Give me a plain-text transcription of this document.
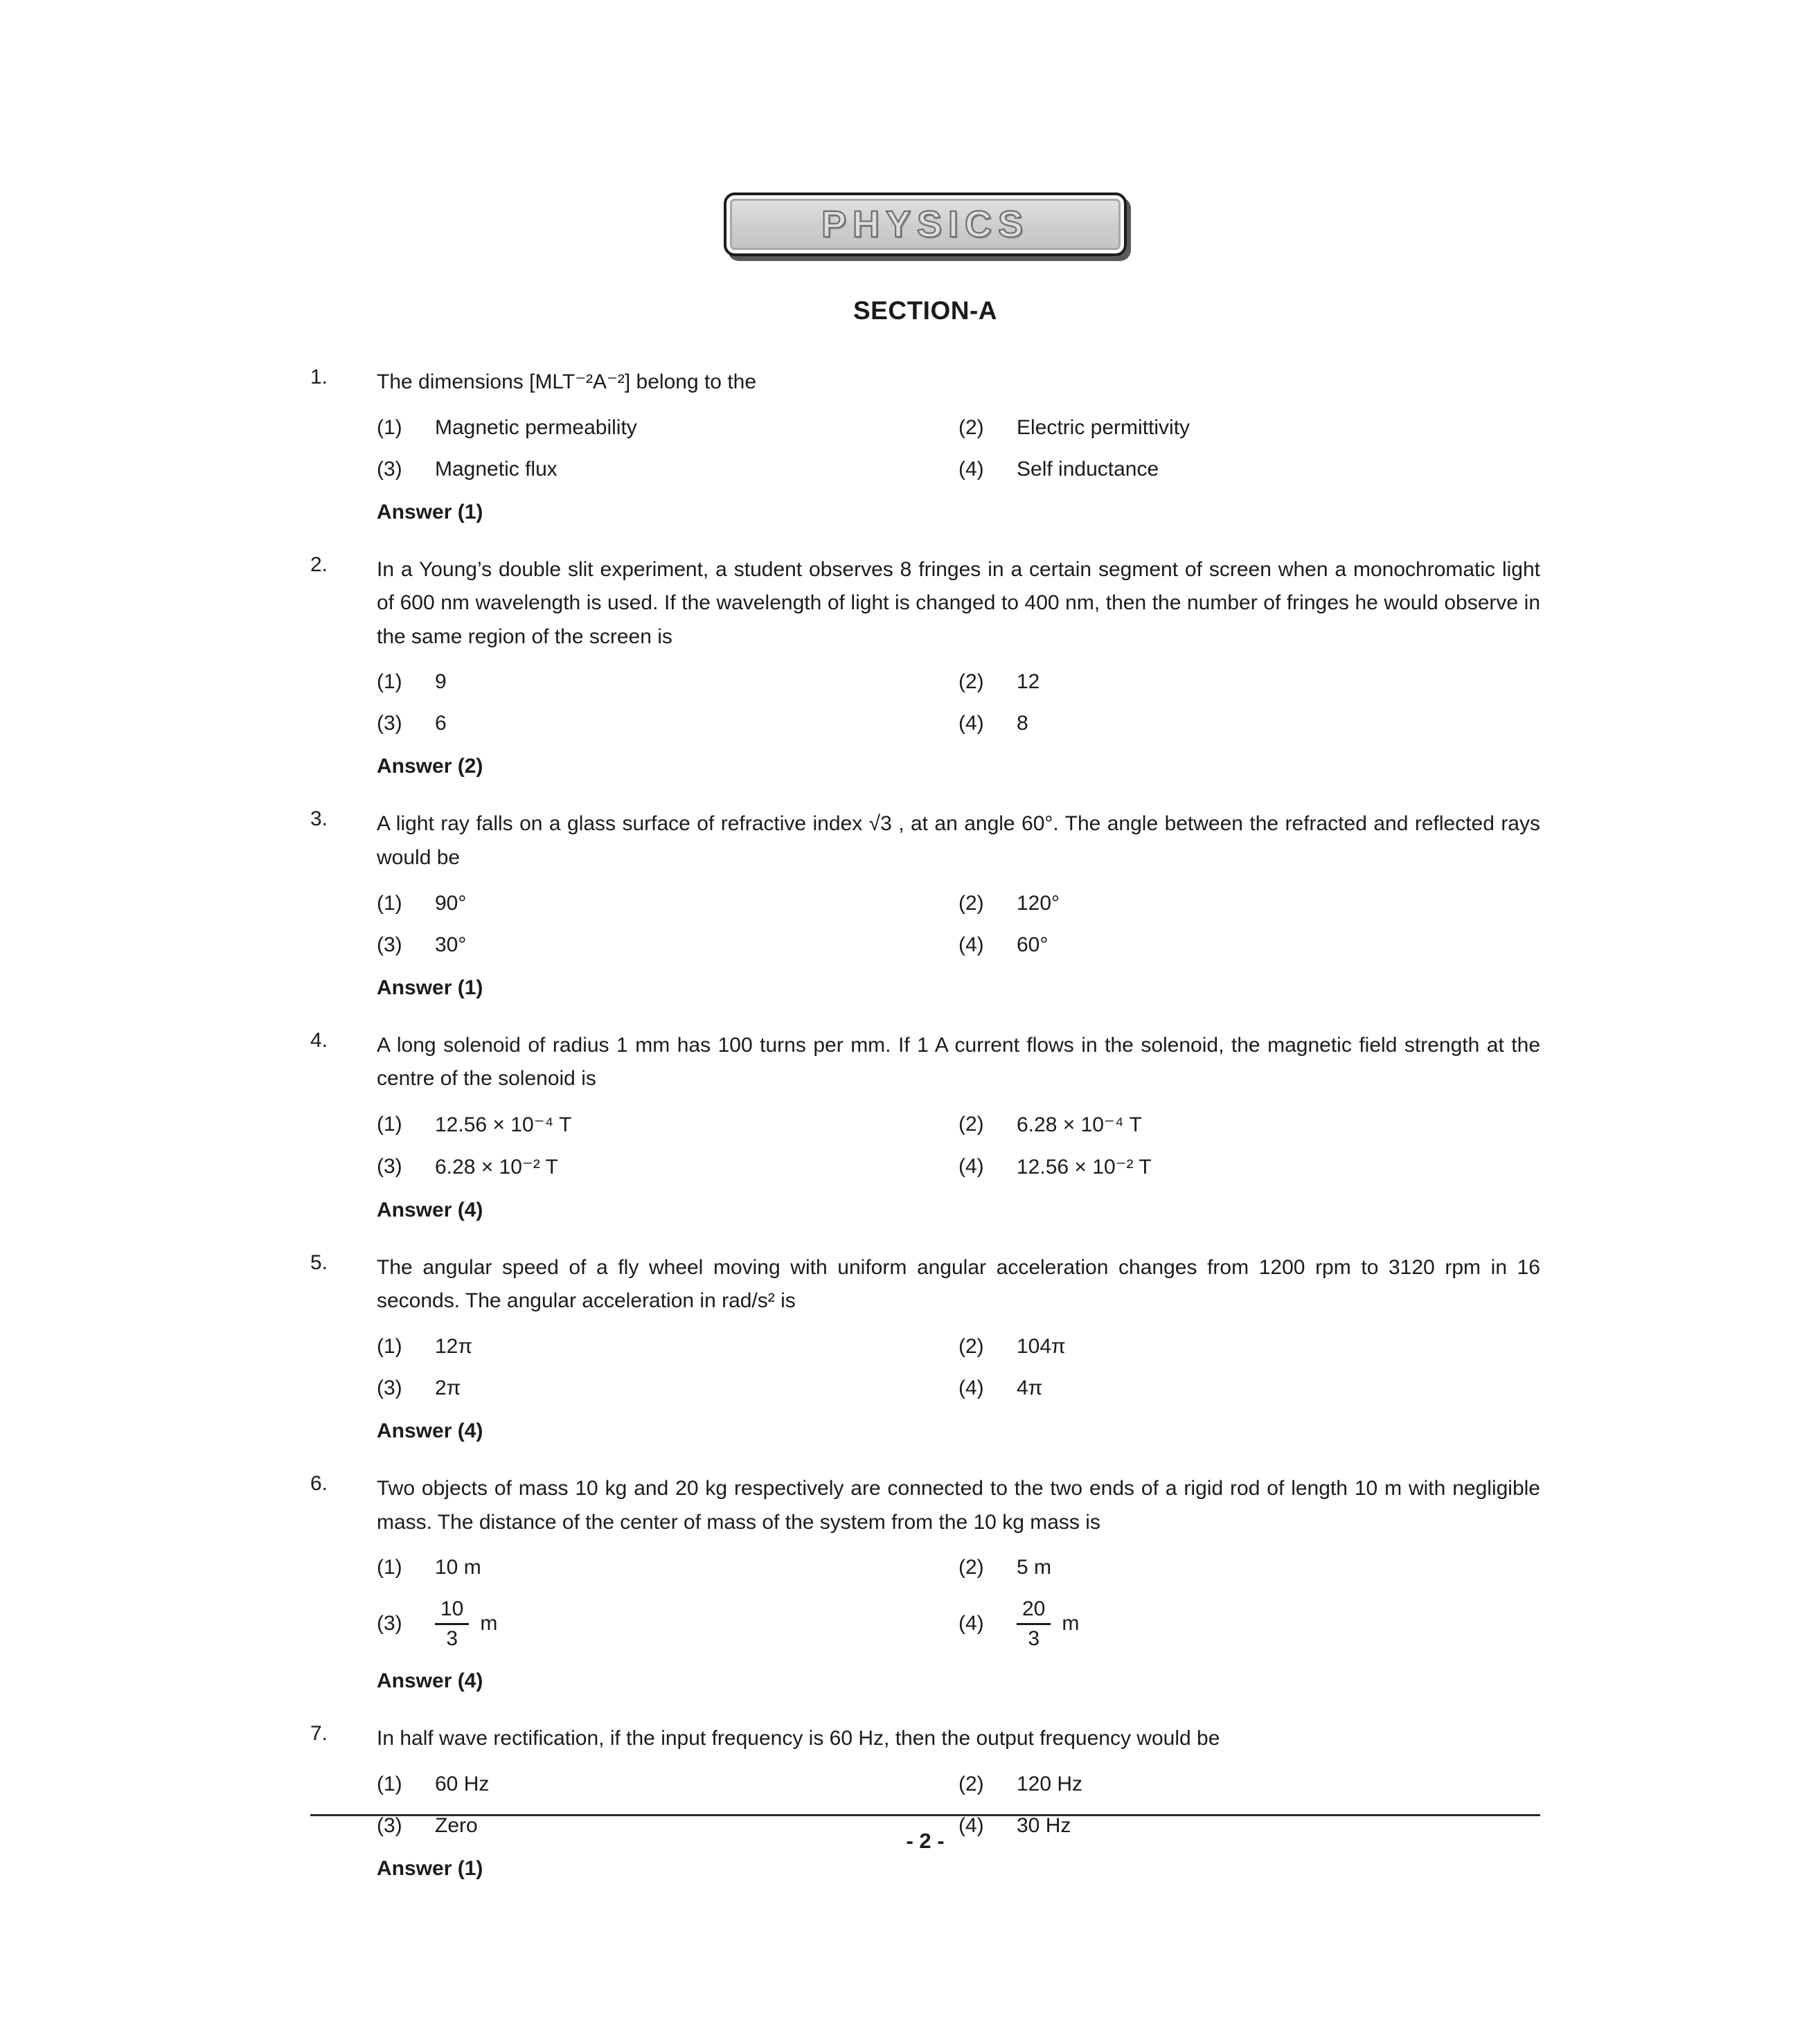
PHYSICS
SECTION-A
1.	The dimensions [MLT⁻²A⁻²] belong to the
(1)	Magnetic permeability	(2)	Electric permittivity
(3)	Magnetic flux	(4)	Self inductance
Answer (1)
2.	In a Young’s double slit experiment, a student observes 8 fringes in a certain segment of screen when a monochromatic light of 600 nm wavelength is used. If the wavelength of light is changed to 400 nm, then the number of fringes he would observe in the same region of the screen is
(1)	9	(2)	12
(3)	6	(4)	8
Answer (2)
3.	A light ray falls on a glass surface of refractive index √3 , at an angle 60°. The angle between the refracted and reflected rays would be
(1)	90°	(2)	120°
(3)	30°	(4)	60°
Answer (1)
4.	A long solenoid of radius 1 mm has 100 turns per mm. If 1 A current flows in the solenoid, the magnetic field strength at the centre of the solenoid is
(1)	12.56 × 10⁻⁴ T	(2)	6.28 × 10⁻⁴ T
(3)	6.28 × 10⁻² T	(4)	12.56 × 10⁻² T
Answer (4)
5.	The angular speed of a fly wheel moving with uniform angular acceleration changes from 1200 rpm to 3120 rpm in 16 seconds. The angular acceleration in rad/s² is
(1)	12π	(2)	104π
(3)	2π	(4)	4π
Answer (4)
6.	Two objects of mass 10 kg and 20 kg respectively are connected to the two ends of a rigid rod of length 10 m with negligible mass. The distance of the center of mass of the system from the 10 kg mass is
(1)	10 m	(2)	5 m
(3)	$\frac{10}{3}$ m	(4)	$\frac{20}{3}$ m
Answer (4)
7.	In half wave rectification, if the input frequency is 60 Hz, then the output frequency would be
(1)	60 Hz	(2)	120 Hz
(3)	Zero	(4)	30 Hz
Answer (1)
- 2 -
